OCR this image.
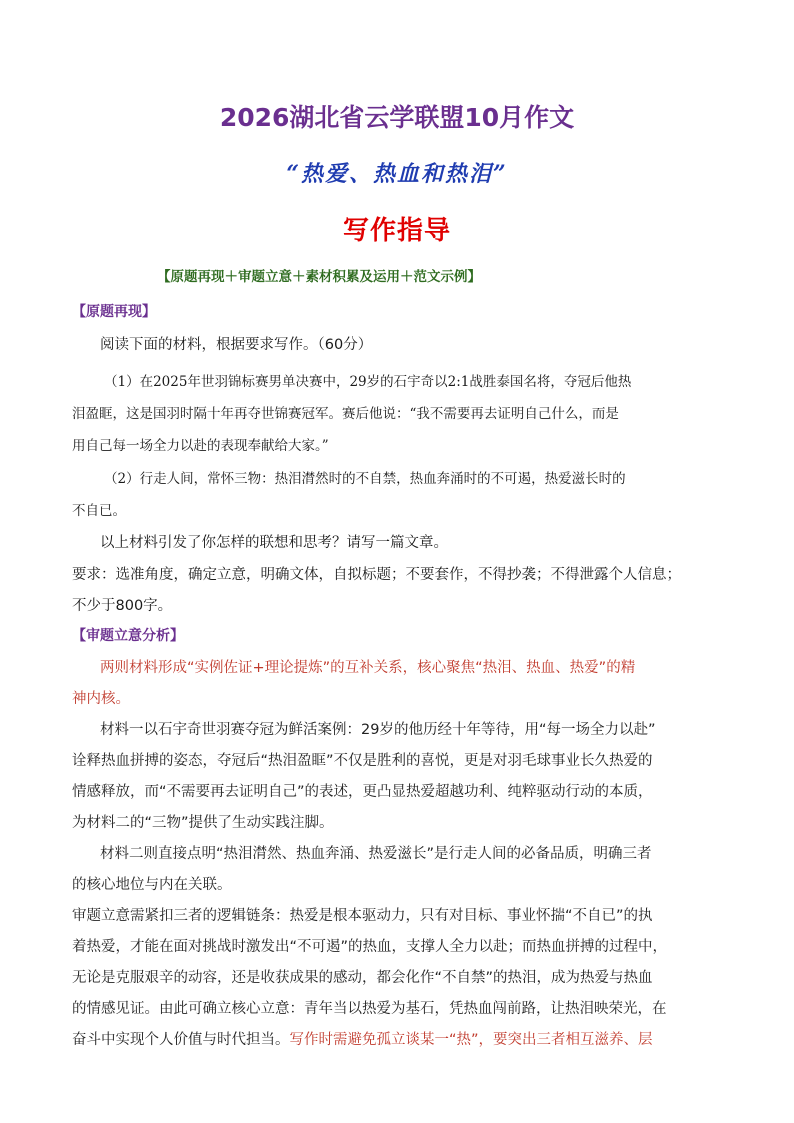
2026湖北省云学联盟10月作文
“热爱、热血和热泪”
写作指导
【原题再现＋审题立意＋素材积累及运用＋范文示例】
【原题再现】
阅读下面的材料，根据要求写作。（60分）
（1）在2025年世羽锦标赛男单决赛中，29岁的石宇奇以2:1战胜泰国名将，夺冠后他热
泪盈眶，这是国羽时隔十年再夺世锦赛冠军。赛后他说：“我不需要再去证明自己什么，而是
用自己每一场全力以赴的表现奉献给大家。”
（2）行走人间，常怀三物：热泪潸然时的不自禁，热血奔涌时的不可遏，热爱滋长时的
不自已。
以上材料引发了你怎样的联想和思考？请写一篇文章。
要求：选准角度，确定立意，明确文体，自拟标题；不要套作，不得抄袭；不得泄露个人信息；
不少于800字。
【审题立意分析】
两则材料形成“实例佐证+理论提炼”的互补关系，核心聚焦“热泪、热血、热爱”的精
神内核。
材料一以石宇奇世羽赛夺冠为鲜活案例：29岁的他历经十年等待，用“每一场全力以赴”
诠释热血拼搏的姿态，夺冠后“热泪盈眶”不仅是胜利的喜悦，更是对羽毛球事业长久热爱的
情感释放，而“不需要再去证明自己”的表述，更凸显热爱超越功利、纯粹驱动行动的本质，
为材料二的“三物”提供了生动实践注脚。
材料二则直接点明“热泪潸然、热血奔涌、热爱滋长”是行走人间的必备品质，明确三者
的核心地位与内在关联。
审题立意需紧扣三者的逻辑链条：热爱是根本驱动力，只有对目标、事业怀揣“不自已”的执
着热爱，才能在面对挑战时激发出“不可遏”的热血，支撑人全力以赴；而热血拼搏的过程中，
无论是克服艰辛的动容，还是收获成果的感动，都会化作“不自禁”的热泪，成为热爱与热血
的情感见证。由此可确立核心立意：青年当以热爱为基石，凭热血闯前路，让热泪映荣光，在
奋斗中实现个人价值与时代担当。写作时需避免孤立谈某一“热”，要突出三者相互滋养、层
